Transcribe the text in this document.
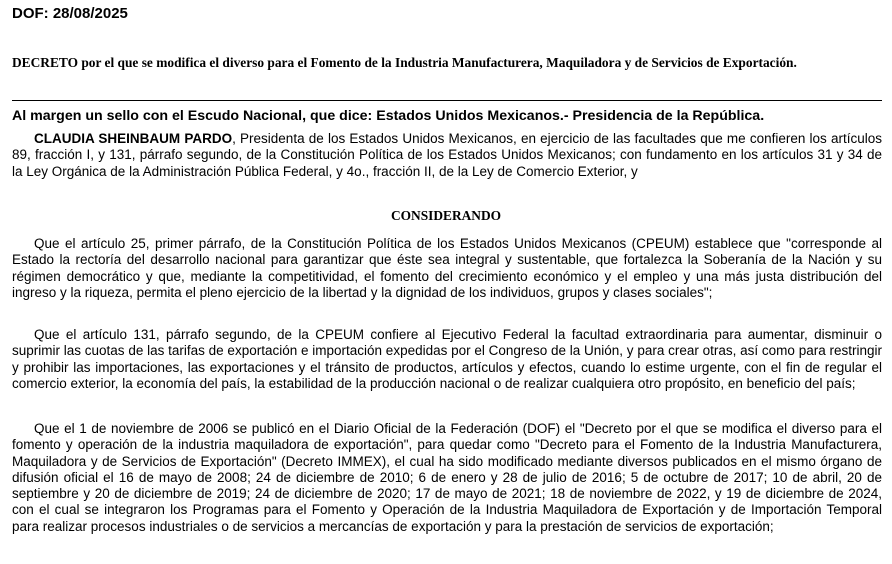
DOF: 28/08/2025
DECRETO por el que se modifica el diverso para el Fomento de la Industria Manufacturera, Maquiladora y de Servicios de Exportación.
Al margen un sello con el Escudo Nacional, que dice: Estados Unidos Mexicanos.- Presidencia de la República.

CLAUDIA SHEINBAUM PARDO, Presidenta de los Estados Unidos Mexicanos, en ejercicio de las facultades que me confieren los artículos 89, fracción I, y 131, párrafo segundo, de la Constitución Política de los Estados Unidos Mexicanos; con fundamento en los artículos 31 y 34 de la Ley Orgánica de la Administración Pública Federal, y 4o., fracción II, de la Ley de Comercio Exterior, y

CONSIDERANDO

Que el artículo 25, primer párrafo, de la Constitución Política de los Estados Unidos Mexicanos (CPEUM) establece que "corresponde al Estado la rectoría del desarrollo nacional para garantizar que éste sea integral y sustentable, que fortalezca la Soberanía de la Nación y su régimen democrático y que, mediante la competitividad, el fomento del crecimiento económico y el empleo y una más justa distribución del ingreso y la riqueza, permita el pleno ejercicio de la libertad y la dignidad de los individuos, grupos y clases sociales";

Que el artículo 131, párrafo segundo, de la CPEUM confiere al Ejecutivo Federal la facultad extraordinaria para aumentar, disminuir o suprimir las cuotas de las tarifas de exportación e importación expedidas por el Congreso de la Unión, y para crear otras, así como para restringir y prohibir las importaciones, las exportaciones y el tránsito de productos, artículos y efectos, cuando lo estime urgente, con el fin de regular el comercio exterior, la economía del país, la estabilidad de la producción nacional o de realizar cualquiera otro propósito, en beneficio del país;

Que el 1 de noviembre de 2006 se publicó en el Diario Oficial de la Federación (DOF) el "Decreto por el que se modifica el diverso para el fomento y operación de la industria maquiladora de exportación", para quedar como "Decreto para el Fomento de la Industria Manufacturera, Maquiladora y de Servicios de Exportación" (Decreto IMMEX), el cual ha sido modificado mediante diversos publicados en el mismo órgano de difusión oficial el 16 de mayo de 2008; 24 de diciembre de 2010; 6 de enero y 28 de julio de 2016; 5 de octubre de 2017; 10 de abril, 20 de septiembre y 20 de diciembre de 2019; 24 de diciembre de 2020; 17 de mayo de 2021; 18 de noviembre de 2022, y 19 de diciembre de 2024, con el cual se integraron los Programas para el Fomento y Operación de la Industria Maquiladora de Exportación y de Importación Temporal para realizar procesos industriales o de servicios a mercancías de exportación y para la prestación de servicios de exportación;
